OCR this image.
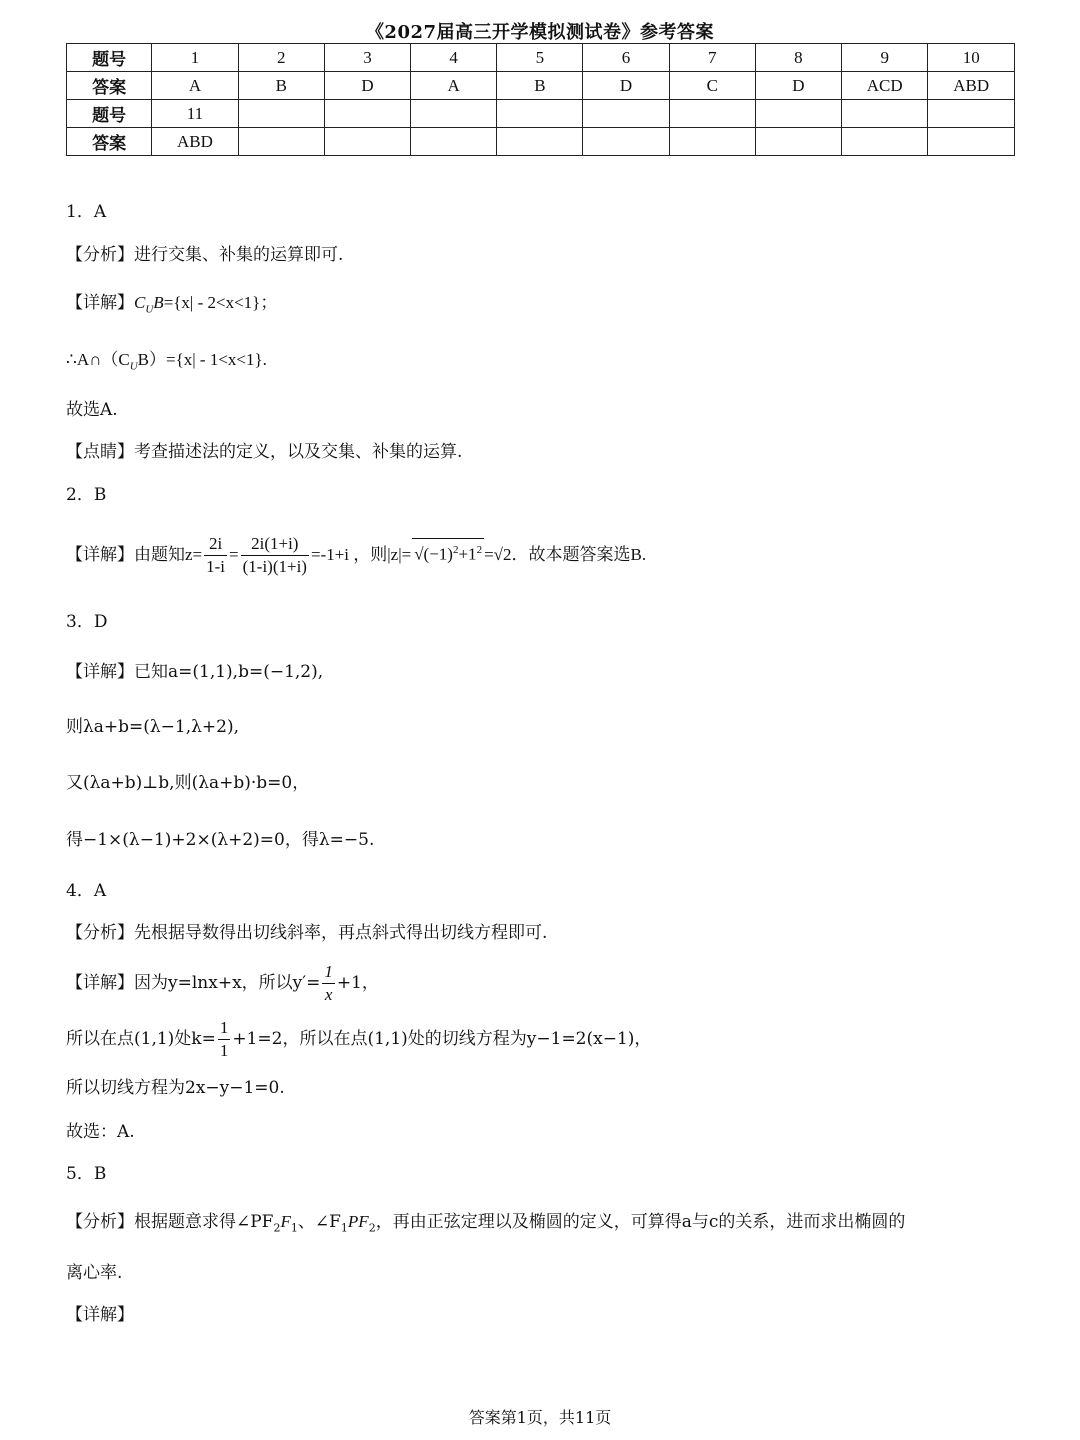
《2027届高三开学模拟测试卷》参考答案
题号	1	2	3	4	5	6	7	8	9	10
答案	A	B	D	A	B	D	C	D	ACD	ABD
题号	11									
答案	ABD									
1．A
【分析】进行交集、补集的运算即可.
【详解】$C_UB=\{x| - 2<x<1\}$；
$\therefore A\cap(C_UB)=\{x| - 1<x<1\}$.
故选A.
【点睛】考查描述法的定义，以及交集、补集的运算.
2．B
【详解】由题知$z= \frac{2i}{1-i} = \frac{2i(1+i)}{(1-i)(1+i)} =-1+i$ ，则$|z|= √(-1)^2+1^2 =√2$．故本题答案选B.
3．D
【详解】已知a=(1,1),b=(−1,2),
则λa+b=(λ−1,λ+2),
又(λa+b)⊥b,则(λa+b)·b=0，
得−1×(λ−1)+2×(λ+2)=0，得λ=−5.
4．A
【分析】先根据导数得出切线斜率，再点斜式得出切线方程即可.
【详解】因为y=lnx+x，所以$y'= \frac{1}{x} +1$，
所以在点(1,1)处$k= \frac{1}{1} +1=2$，所以在点(1,1)处的切线方程为y−1=2(x−1)，
所以切线方程为2x−y−1=0.
故选：A.
5．B
【分析】根据题意求得$\angle PF_2F_1$、$\angle F_1PF_2$，再由正弦定理以及椭圆的定义，可算得a与c的关系，进而求出椭圆的
离心率.
【详解】
答案第1页，共11页
